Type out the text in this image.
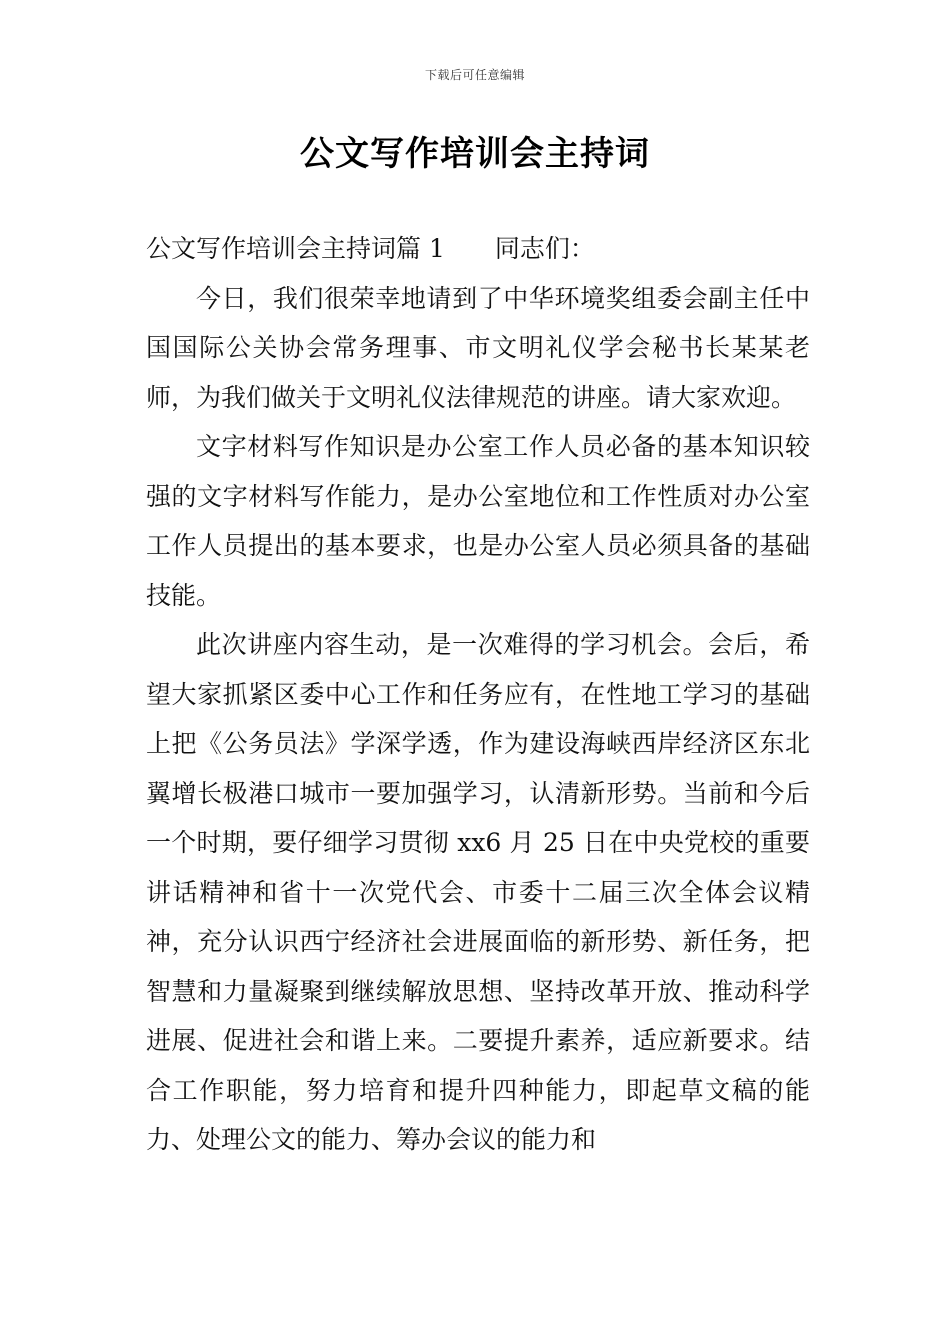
下载后可任意编辑
公文写作培训会主持词

公文写作培训会主持词篇 1 同志们：

今日，我们很荣幸地请到了中华环境奖组委会副主任中国国际公关协会常务理事、市文明礼仪学会秘书长某某老师，为我们做关于文明礼仪法律规范的讲座。请大家欢迎。

文字材料写作知识是办公室工作人员必备的基本知识较强的文字材料写作能力，是办公室地位和工作性质对办公室工作人员提出的基本要求，也是办公室人员必须具备的基础技能。

此次讲座内容生动，是一次难得的学习机会。会后，希望大家抓紧区委中心工作和任务应有，在性地工学习的基础上把《公务员法》学深学透，作为建设海峡西岸经济区东北翼增长极港口城市一要加强学习，认清新形势。当前和今后一个时期，要仔细学习贯彻 xx6 月 25 日在中央党校的重要讲话精神和省十一次党代会、市委十二届三次全体会议精神，充分认识西宁经济社会进展面临的新形势、新任务，把智慧和力量凝聚到继续解放思想、坚持改革开放、推动科学进展、促进社会和谐上来。二要提升素养，适应新要求。结合工作职能，努力培育和提升四种能力，即起草文稿的能力、处理公文的能力、筹办会议的能力和
